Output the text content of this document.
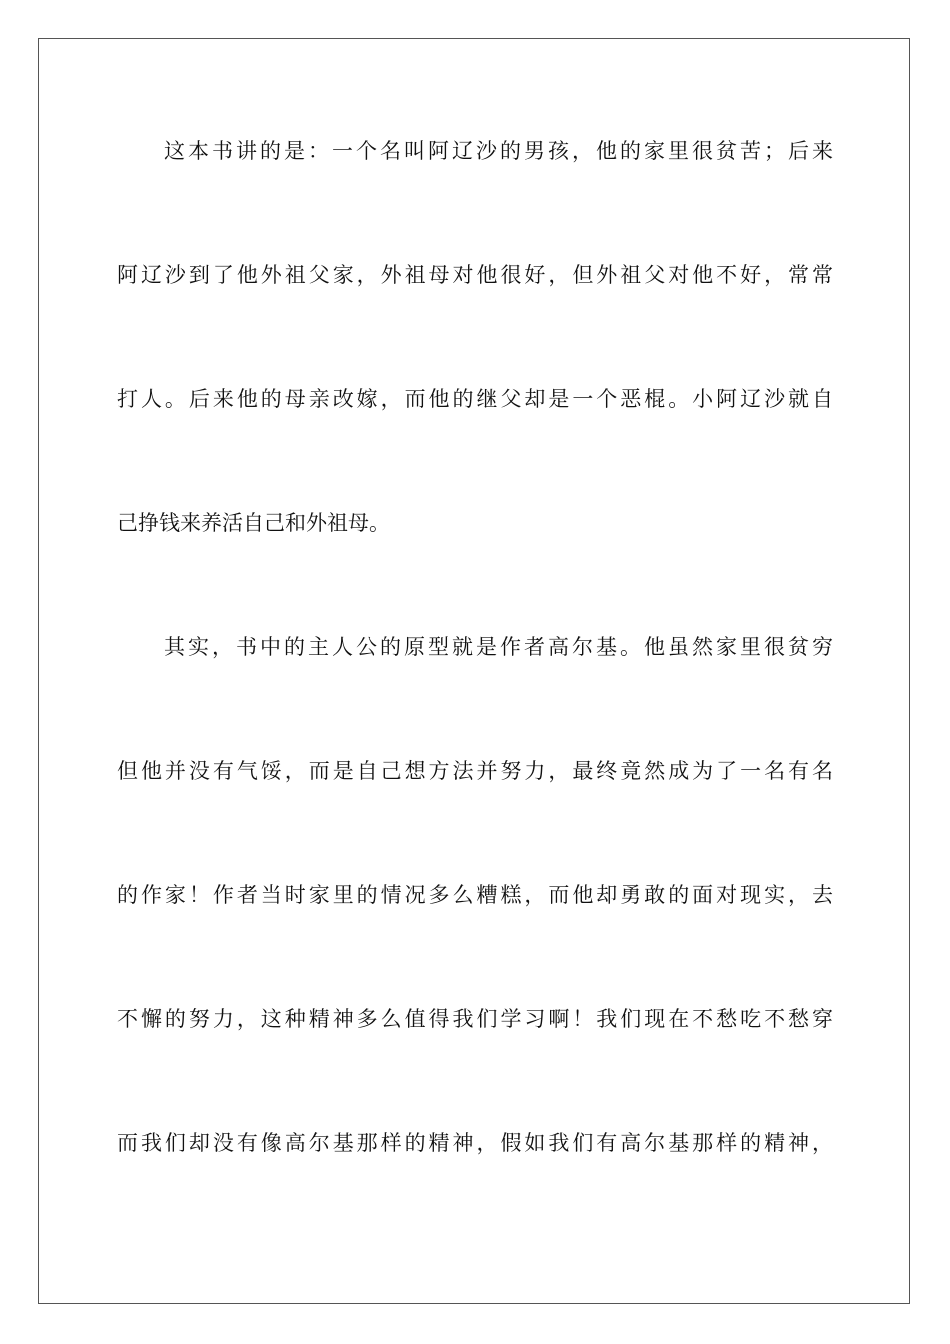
这本书讲的是：一个名叫阿辽沙的男孩，他的家里很贫苦；后来
阿辽沙到了他外祖父家，外祖母对他很好，但外祖父对他不好，常常
打人。后来他的母亲改嫁，而他的继父却是一个恶棍。小阿辽沙就自
己挣钱来养活自己和外祖母。
其实，书中的主人公的原型就是作者高尔基。他虽然家里很贫穷
但他并没有气馁，而是自己想方法并努力，最终竟然成为了一名有名
的作家！作者当时家里的情况多么糟糕，而他却勇敢的面对现实，去
不懈的努力，这种精神多么值得我们学习啊！我们现在不愁吃不愁穿
而我们却没有像高尔基那样的精神，假如我们有高尔基那样的精神，
